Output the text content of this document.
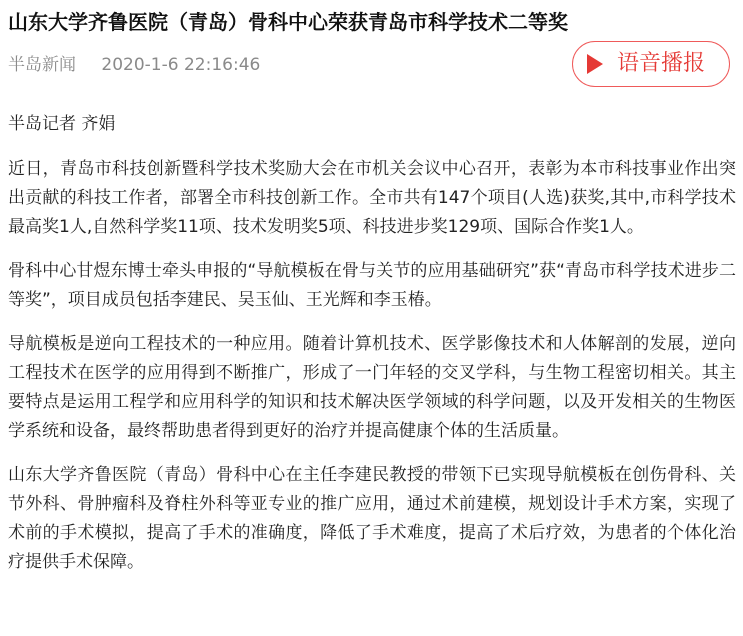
山东大学齐鲁医院（青岛）骨科中心荣获青岛市科学技术二等奖
半岛新闻 2020-1-6 22:16:46	语音播报

半岛记者 齐娟

近日，青岛市科技创新暨科学技术奖励大会在市机关会议中心召开，表彰为本市科技事业作出突出贡献的科技工作者，部署全市科技创新工作。全市共有147个项目(人选)获奖,其中,市科学技术最高奖1人,自然科学奖11项、技术发明奖5项、科技进步奖129项、国际合作奖1人。

骨科中心甘煜东博士牵头申报的“导航模板在骨与关节的应用基础研究”获“青岛市科学技术进步二等奖”，项目成员包括李建民、吴玉仙、王光辉和李玉椿。

导航模板是逆向工程技术的一种应用。随着计算机技术、医学影像技术和人体解剖的发展，逆向工程技术在医学的应用得到不断推广，形成了一门年轻的交叉学科，与生物工程密切相关。其主要特点是运用工程学和应用科学的知识和技术解决医学领域的科学问题，以及开发相关的生物医学系统和设备，最终帮助患者得到更好的治疗并提高健康个体的生活质量。

山东大学齐鲁医院（青岛）骨科中心在主任李建民教授的带领下已实现导航模板在创伤骨科、关节外科、骨肿瘤科及脊柱外科等亚专业的推广应用，通过术前建模，规划设计手术方案，实现了术前的手术模拟，提高了手术的准确度，降低了手术难度，提高了术后疗效，为患者的个体化治疗提供手术保障。
